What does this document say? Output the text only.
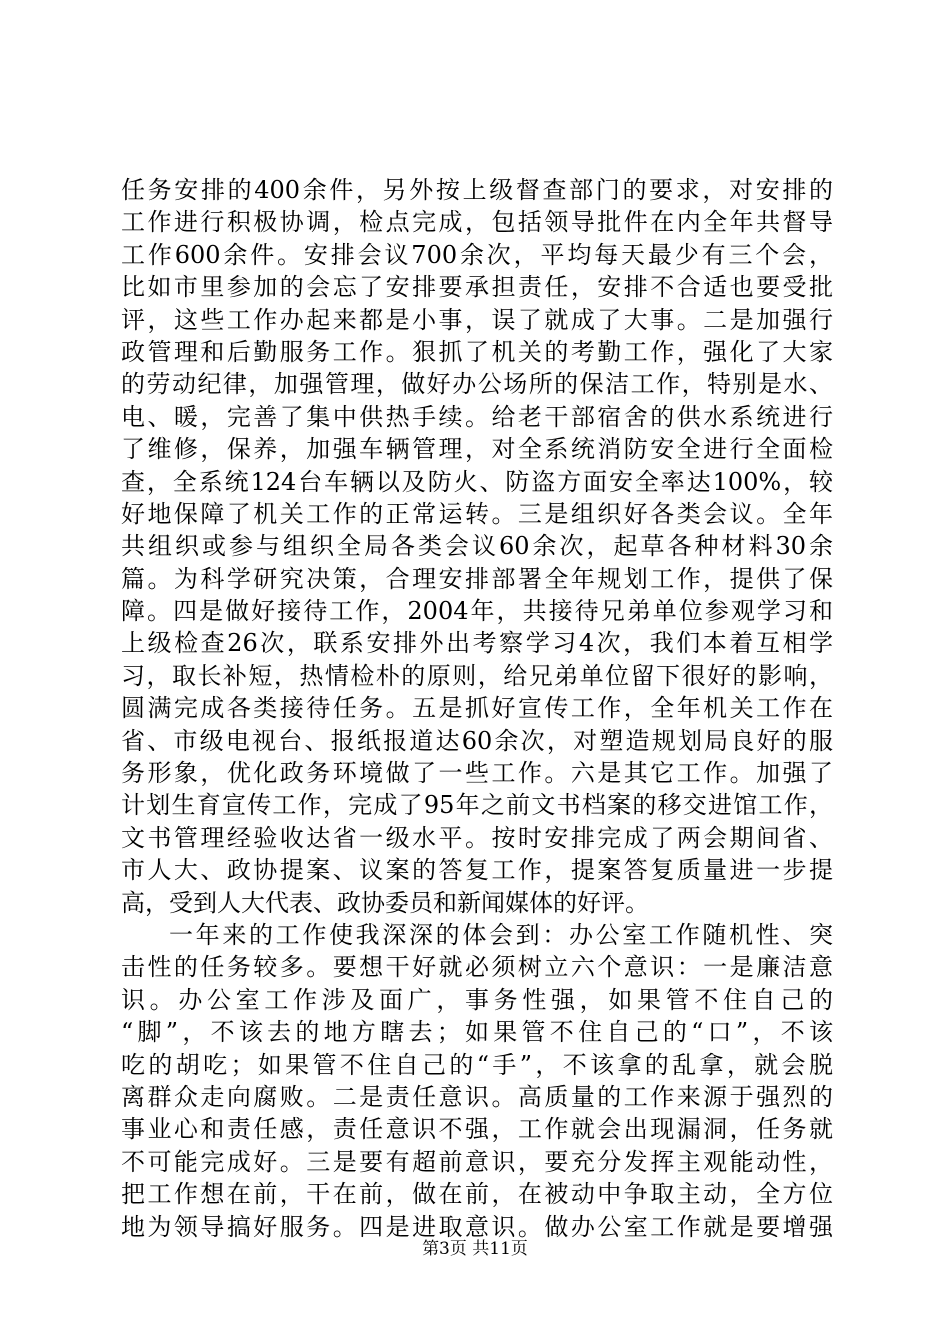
任务安排的400余件，另外按上级督查部门的要求，对安排的
工作进行积极协调，检点完成，包括领导批件在内全年共督导
工作600余件。安排会议700余次，平均每天最少有三个会，
比如市里参加的会忘了安排要承担责任，安排不合适也要受批
评，这些工作办起来都是小事，误了就成了大事。二是加强行
政管理和后勤服务工作。狠抓了机关的考勤工作，强化了大家
的劳动纪律，加强管理，做好办公场所的保洁工作，特别是水、
电、暖，完善了集中供热手续。给老干部宿舍的供水系统进行
了维修，保养，加强车辆管理，对全系统消防安全进行全面检
查，全系统124台车辆以及防火、防盗方面安全率达100%，较
好地保障了机关工作的正常运转。三是组织好各类会议。全年
共组织或参与组织全局各类会议60余次，起草各种材料30余
篇。为科学研究决策，合理安排部署全年规划工作，提供了保
障。四是做好接待工作，2004年，共接待兄弟单位参观学习和
上级检查26次，联系安排外出考察学习4次，我们本着互相学
习，取长补短，热情检朴的原则，给兄弟单位留下很好的影响，
圆满完成各类接待任务。五是抓好宣传工作，全年机关工作在
省、市级电视台、报纸报道达60余次，对塑造规划局良好的服
务形象，优化政务环境做了一些工作。六是其它工作。加强了
计划生育宣传工作，完成了95年之前文书档案的移交进馆工作，
文书管理经验收达省一级水平。按时安排完成了两会期间省、
市人大、政协提案、议案的答复工作，提案答复质量进一步提
高，受到人大代表、政协委员和新闻媒体的好评。
一年来的工作使我深深的体会到：办公室工作随机性、突
击性的任务较多。要想干好就必须树立六个意识：一是廉洁意
识。办公室工作涉及面广，事务性强，如果管不住自己的
“脚”，不该去的地方瞎去；如果管不住自己的“口”，不该
吃的胡吃；如果管不住自己的“手”，不该拿的乱拿，就会脱
离群众走向腐败。二是责任意识。高质量的工作来源于强烈的
事业心和责任感，责任意识不强，工作就会出现漏洞，任务就
不可能完成好。三是要有超前意识，要充分发挥主观能动性，
把工作想在前，干在前，做在前，在被动中争取主动，全方位
地为领导搞好服务。四是进取意识。做办公室工作就是要增强
第3页 共11页
